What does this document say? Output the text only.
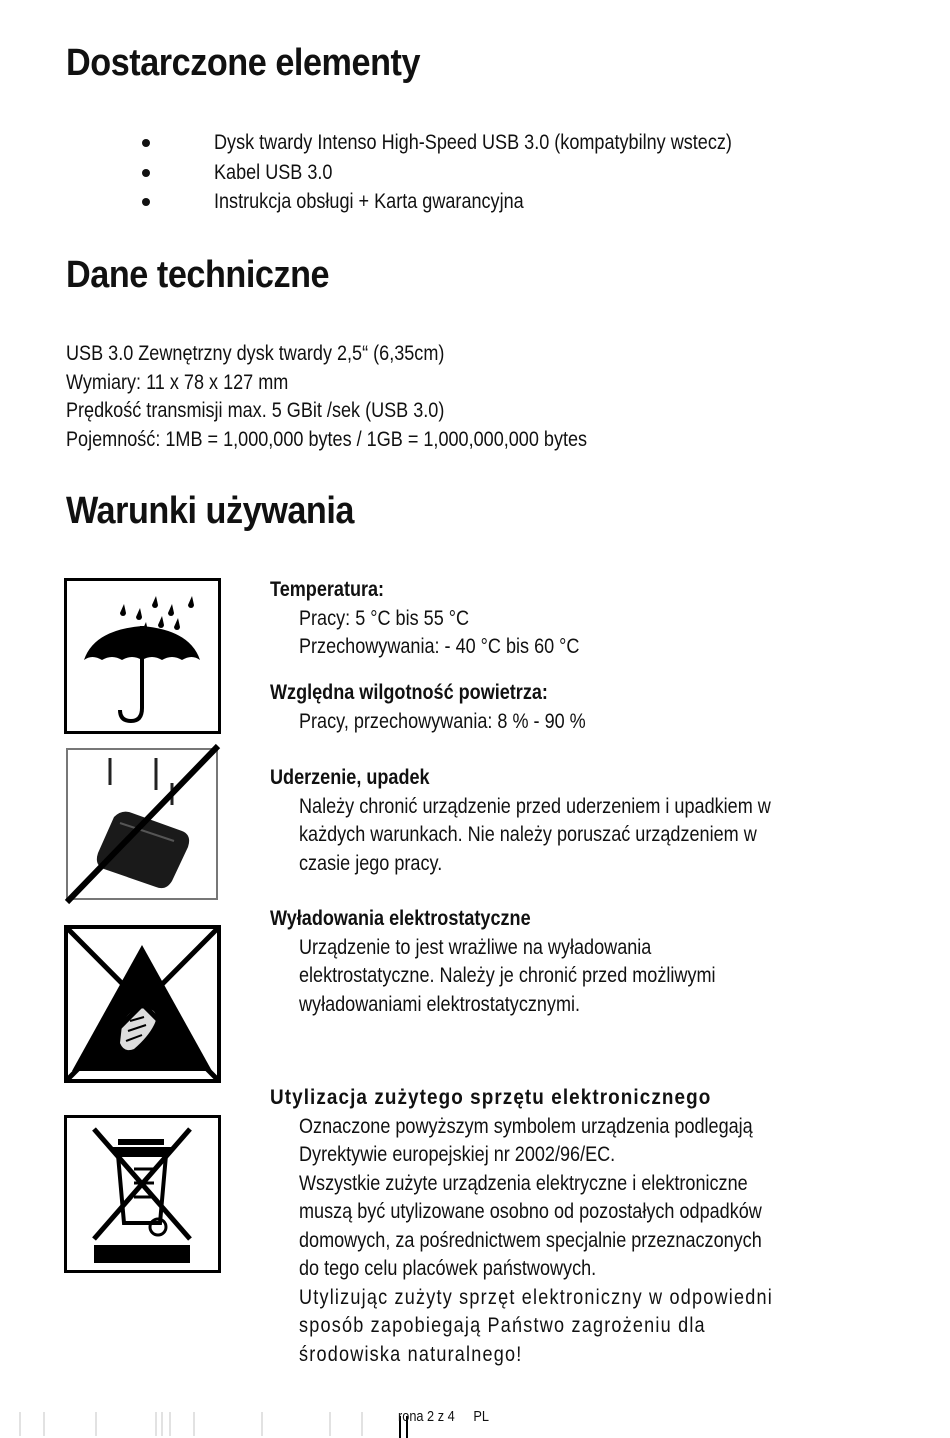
Dostarczone elementy
Dysk twardy Intenso High-Speed USB 3.0 (kompatybilny wstecz)
Kabel USB 3.0
Instrukcja obsługi + Karta gwarancyjna
Dane techniczne
USB 3.0 Zewnętrzny dysk twardy 2,5“ (6,35cm)
Wymiary: 11 x 78 x 127 mm
Prędkość transmisji max. 5 GBit /sek (USB 3.0)
Pojemność: 1MB = 1,000,000 bytes / 1GB = 1,000,000,000 bytes
Warunki używania
Temperatura:
Pracy: 5 °C bis 55 °C
Przechowywania: - 40 °C bis 60 °C
Względna wilgotność powietrza:
Pracy, przechowywania: 8 % - 90 %
Uderzenie, upadek
Należy chronić urządzenie przed uderzeniem i upadkiem w
każdych warunkach. Nie należy poruszać urządzeniem w
czasie jego pracy.
Wyładowania elektrostatyczne
Urządzenie to jest wrażliwe na wyładowania
elektrostatyczne. Należy je chronić przed możliwymi
wyładowaniami elektrostatycznymi.
Utylizacja zużytego sprzętu elektronicznego
Oznaczone powyższym symbolem urządzenia podlegają
Dyrektywie europejskiej nr 2002/96/EC.
Wszystkie zużyte urządzenia elektryczne i elektroniczne
muszą być utylizowane osobno od pozostałych odpadków
domowych, za pośrednictwem specjalnie przeznaczonych
do tego celu placówek państwowych.
Utylizując zużyty sprzęt elektroniczny w odpowiedni
sposób zapobiegają Państwo zagrożeniu dla
środowiska naturalnego!
rona 2 z 4 PL
